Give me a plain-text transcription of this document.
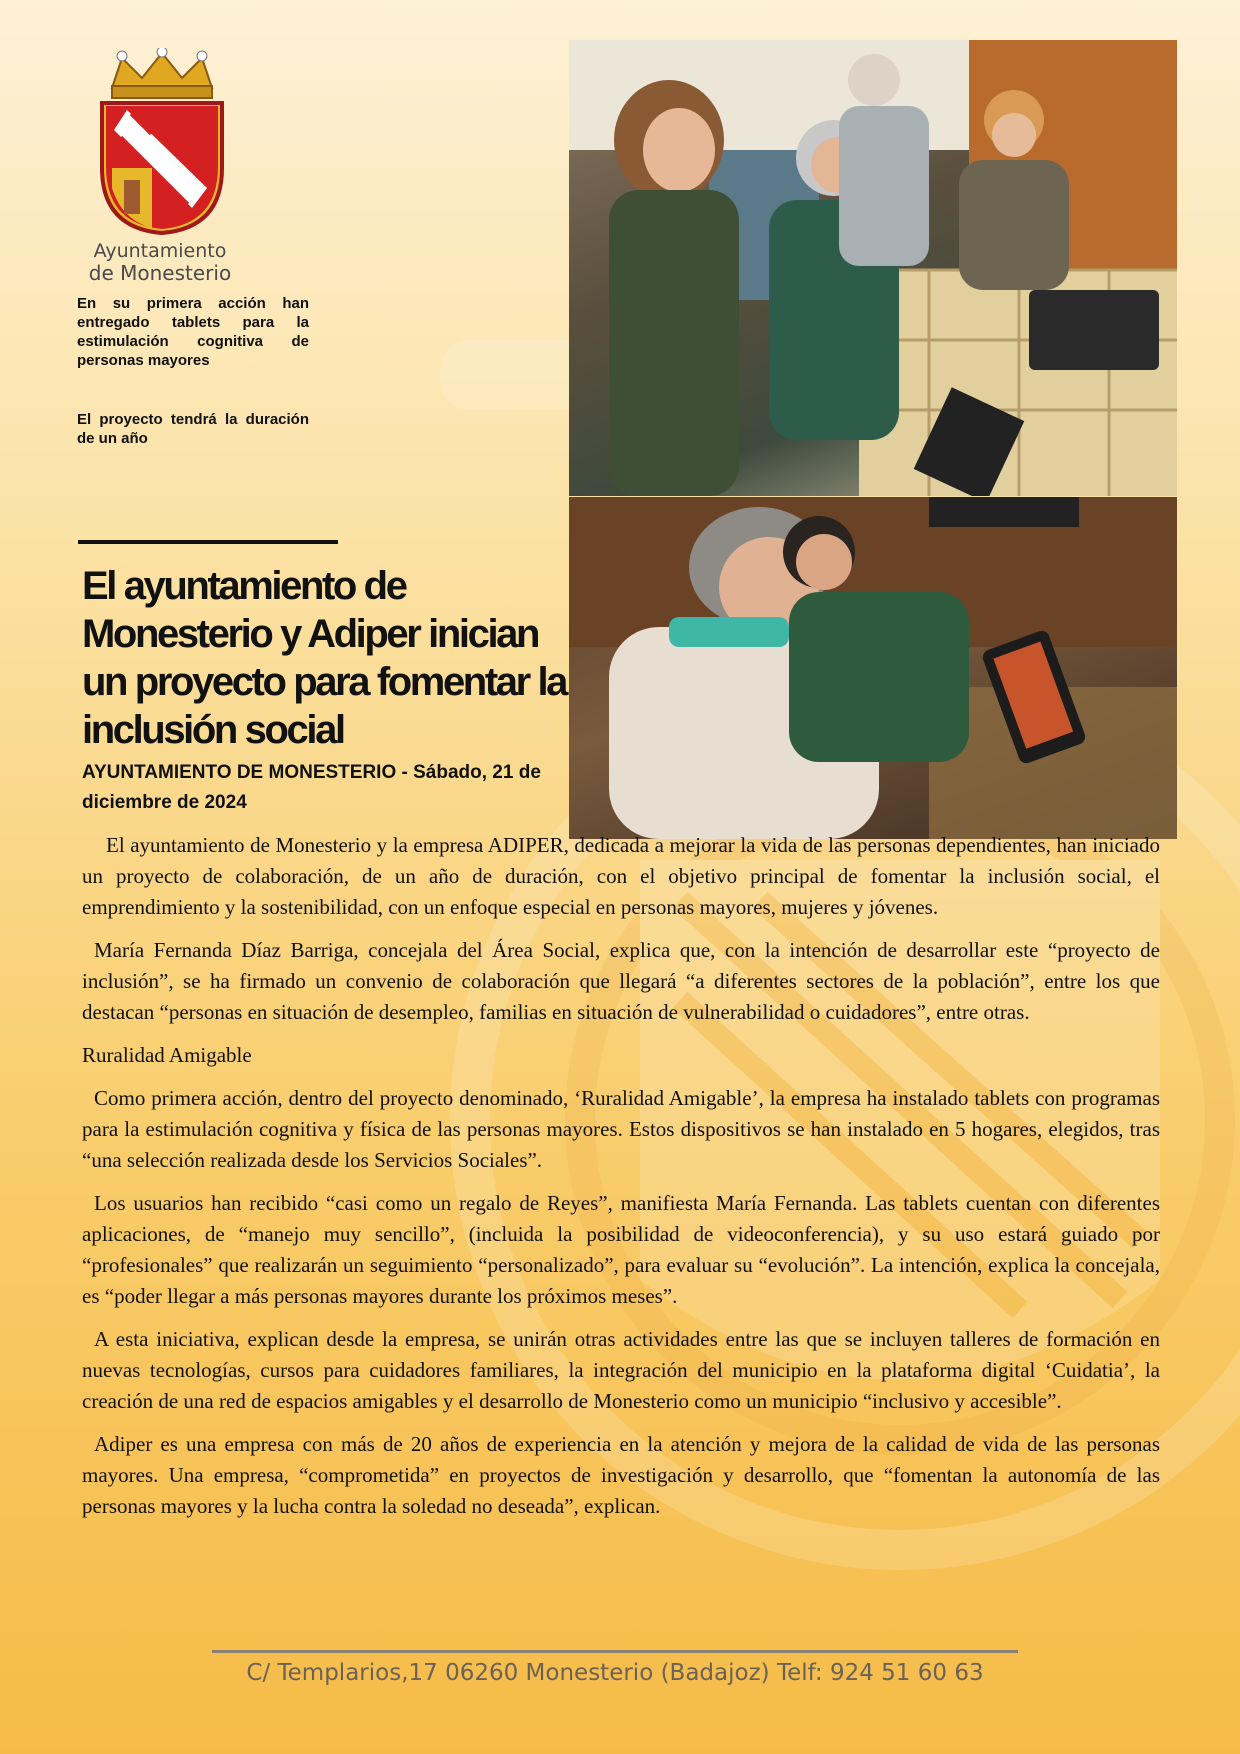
Ayuntamiento
de Monesterio
En su primera acción han entregado tablets para la estimulación cognitiva de personas mayores
El proyecto tendrá la duración de un año
El ayuntamiento de Monesterio y Adiper inician un proyecto para fomentar la inclusión social
AYUNTAMIENTO DE MONESTERIO - Sábado, 21 de diciembre de 2024

El ayuntamiento de Monesterio y la empresa ADIPER, dedicada a mejorar la vida de las personas dependientes, han iniciado un proyecto de colaboración, de un año de duración, con el objetivo principal de fomentar la inclusión social, el emprendimiento y la sostenibilidad, con un enfoque especial en personas mayores, mujeres y jóvenes.

María Fernanda Díaz Barriga, concejala del Área Social, explica que, con la intención de desarrollar este “proyecto de inclusión”, se ha firmado un convenio de colaboración que llegará “a diferentes sectores de la población”, entre los que destacan “personas en situación de desempleo, familias en situación de vulnerabilidad o cuidadores”, entre otras.

Ruralidad Amigable

Como primera acción, dentro del proyecto denominado, ‘Ruralidad Amigable’, la empresa ha instalado tablets con programas para la estimulación cognitiva y física de las personas mayores. Estos dispositivos se han instalado en 5 hogares, elegidos, tras “una selección realizada desde los Servicios Sociales”.

Los usuarios han recibido “casi como un regalo de Reyes”, manifiesta María Fernanda. Las tablets cuentan con diferentes aplicaciones, de “manejo muy sencillo”, (incluida la posibilidad de videoconferencia), y su uso estará guiado por “profesionales” que realizarán un seguimiento “personalizado”, para evaluar su “evolución”. La intención, explica la concejala, es “poder llegar a más personas mayores durante los próximos meses”.

A esta iniciativa, explican desde la empresa, se unirán otras actividades entre las que se incluyen talleres de formación en nuevas tecnologías, cursos para cuidadores familiares, la integración del municipio en la plataforma digital ‘Cuidatia’, la creación de una red de espacios amigables y el desarrollo de Monesterio como un municipio “inclusivo y accesible”.

Adiper es una empresa con más de 20 años de experiencia en la atención y mejora de la calidad de vida de las personas mayores. Una empresa, “comprometida” en proyectos de investigación y desarrollo, que “fomentan la autonomía de las personas mayores y la lucha contra la soledad no deseada”, explican.

C/ Templarios,17 06260 Monesterio (Badajoz) Telf: 924 51 60 63
